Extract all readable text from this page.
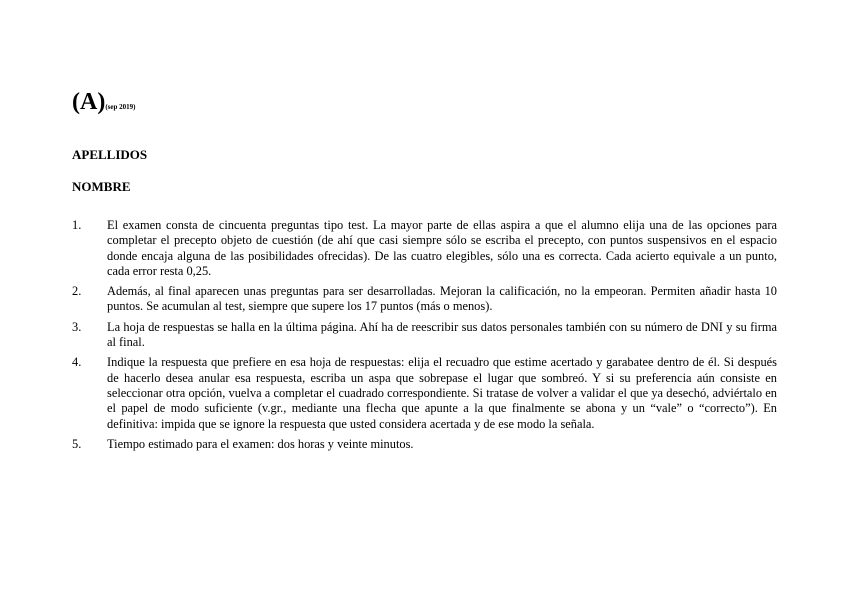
(A)(sep 2019)
APELLIDOS
NOMBRE
1.	El examen consta de cincuenta preguntas tipo test. La mayor parte de ellas aspira a que el alumno elija una de las opciones para completar el precepto objeto de cuestión (de ahí que casi siempre sólo se escriba el precepto, con puntos suspensivos en el espacio donde encaja alguna de las posibilidades ofrecidas). De las cuatro elegibles, sólo una es correcta. Cada acierto equivale a un punto, cada error resta 0,25.
2.	Además, al final aparecen unas preguntas para ser desarrolladas. Mejoran la calificación, no la empeoran. Permiten añadir hasta 10 puntos. Se acumulan al test, siempre que supere los 17 puntos (más o menos).
3.	La hoja de respuestas se halla en la última página. Ahí ha de reescribir sus datos personales también con su número de DNI y su firma al final.
4.	Indique la respuesta que prefiere en esa hoja de respuestas: elija el recuadro que estime acertado y garabatee dentro de él. Si después de hacerlo desea anular esa respuesta, escriba un aspa que sobrepase el lugar que sombreó. Y si su preferencia aún consiste en seleccionar otra opción, vuelva a completar el cuadrado correspondiente. Si tratase de volver a validar el que ya desechó, adviértalo en el papel de modo suficiente (v.gr., mediante una flecha que apunte a la que finalmente se abona y un “vale” o “correcto”). En definitiva: impida que se ignore la respuesta que usted considera acertada y de ese modo la señala.
5.	Tiempo estimado para el examen: dos horas y veinte minutos.
